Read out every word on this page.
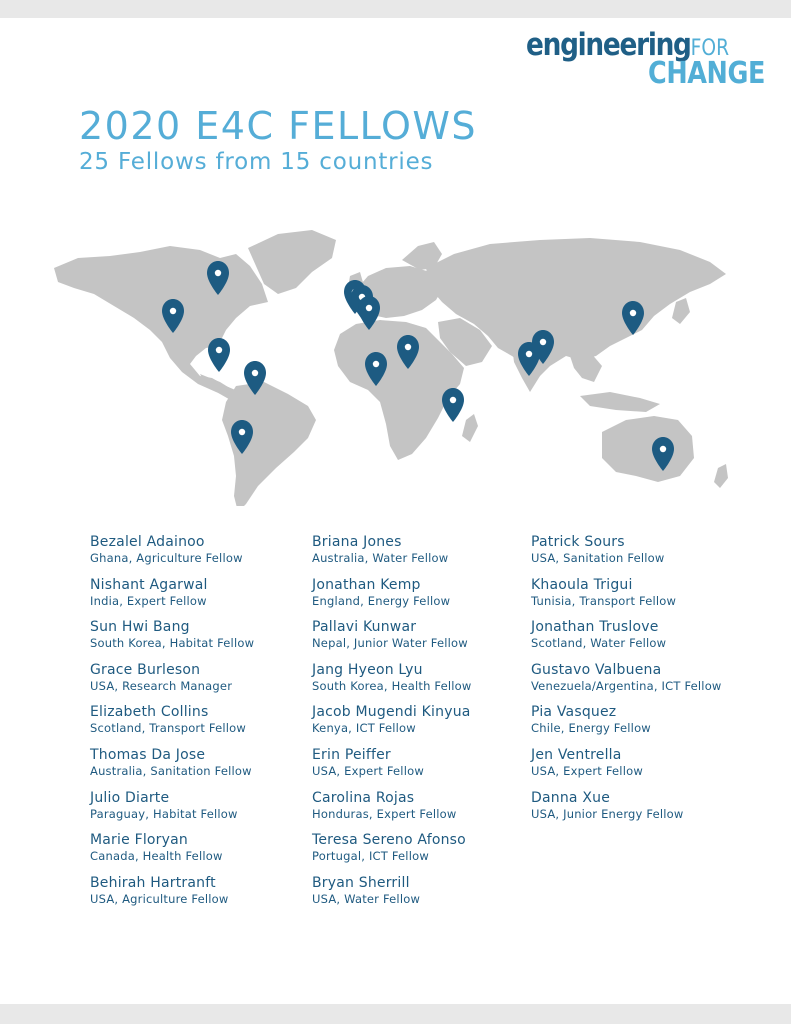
engineeringFOR
CHANGE
2020 E4C FELLOWS
25 Fellows from 15 countries
Bezalel Adainoo
Ghana, Agriculture Fellow
Nishant Agarwal
India, Expert Fellow
Sun Hwi Bang
South Korea, Habitat Fellow
Grace Burleson
USA, Research Manager
Elizabeth Collins
Scotland, Transport Fellow
Thomas Da Jose
Australia, Sanitation Fellow
Julio Diarte
Paraguay, Habitat Fellow
Marie Floryan
Canada, Health Fellow
Behirah Hartranft
USA, Agriculture Fellow
Briana Jones
Australia, Water Fellow
Jonathan Kemp
England, Energy Fellow
Pallavi Kunwar
Nepal, Junior Water Fellow
Jang Hyeon Lyu
South Korea, Health Fellow
Jacob Mugendi Kinyua
Kenya, ICT Fellow
Erin Peiffer
USA, Expert Fellow
Carolina Rojas
Honduras, Expert Fellow
Teresa Sereno Afonso
Portugal, ICT Fellow
Bryan Sherrill
USA, Water Fellow
Patrick Sours
USA, Sanitation Fellow
Khaoula Trigui
Tunisia, Transport Fellow
Jonathan Truslove
Scotland, Water Fellow
Gustavo Valbuena
Venezuela/Argentina, ICT Fellow
Pia Vasquez
Chile, Energy Fellow
Jen Ventrella
USA, Expert Fellow
Danna Xue
USA, Junior Energy Fellow
